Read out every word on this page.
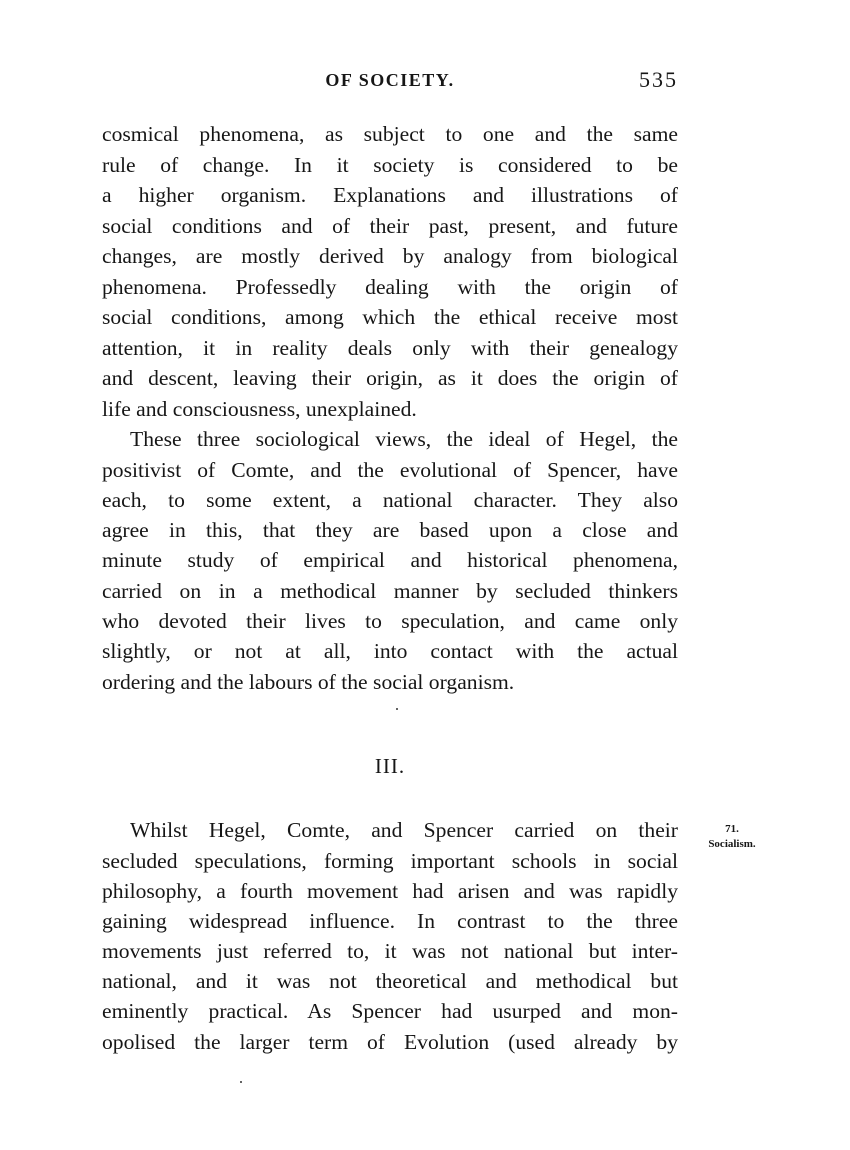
OF SOCIETY.	535
cosmical phenomena, as subject to one and the same
rule of change. In it society is considered to be
a higher organism. Explanations and illustrations of
social conditions and of their past, present, and future
changes, are mostly derived by analogy from biological
phenomena. Professedly dealing with the origin of
social conditions, among which the ethical receive most
attention, it in reality deals only with their genealogy
and descent, leaving their origin, as it does the origin of
life and consciousness, unexplained.
These three sociological views, the ideal of Hegel, the
positivist of Comte, and the evolutional of Spencer, have
each, to some extent, a national character. They also
agree in this, that they are based upon a close and
minute study of empirical and historical phenomena,
carried on in a methodical manner by secluded thinkers
who devoted their lives to speculation, and came only
slightly, or not at all, into contact with the actual
ordering and the labours of the social organism.
III.
71.
Socialism.
Whilst Hegel, Comte, and Spencer carried on their
secluded speculations, forming important schools in social
philosophy, a fourth movement had arisen and was rapidly
gaining widespread influence. In contrast to the three
movements just referred to, it was not national but inter-
national, and it was not theoretical and methodical but
eminently practical. As Spencer had usurped and mon-
opolised the larger term of Evolution (used already by
